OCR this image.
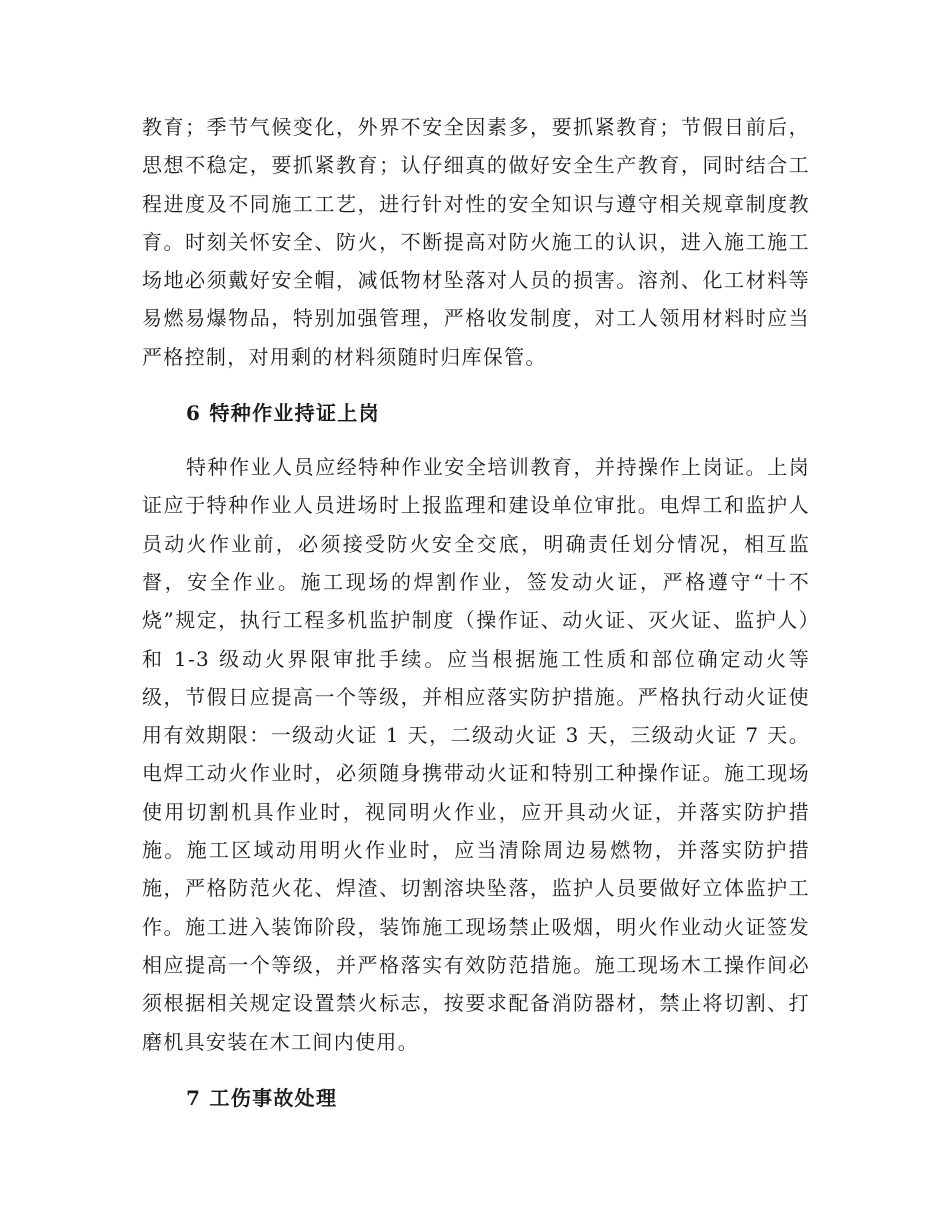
教育；季节气候变化，外界不安全因素多，要抓紧教育；节假日前后，思想不稳定，要抓紧教育；认仔细真的做好安全生产教育，同时结合工程进度及不同施工工艺，进行针对性的安全知识与遵守相关规章制度教育。时刻关怀安全、防火，不断提高对防火施工的认识，进入施工施工场地必须戴好安全帽，减低物材坠落对人员的损害。溶剂、化工材料等易燃易爆物品，特别加强管理，严格收发制度，对工人领用材料时应当严格控制，对用剩的材料须随时归库保管。

6 特种作业持证上岗

特种作业人员应经特种作业安全培训教育，并持操作上岗证。上岗证应于特种作业人员进场时上报监理和建设单位审批。电焊工和监护人员动火作业前，必须接受防火安全交底，明确责任划分情况，相互监督，安全作业。施工现场的焊割作业，签发动火证，严格遵守“十不烧”规定，执行工程多机监护制度（操作证、动火证、灭火证、监护人）和 1-3 级动火界限审批手续。应当根据施工性质和部位确定动火等级，节假日应提高一个等级，并相应落实防护措施。严格执行动火证使用有效期限：一级动火证 1 天，二级动火证 3 天，三级动火证 7 天。电焊工动火作业时，必须随身携带动火证和特别工种操作证。施工现场使用切割机具作业时，视同明火作业，应开具动火证，并落实防护措施。施工区域动用明火作业时，应当清除周边易燃物，并落实防护措施，严格防范火花、焊渣、切割溶块坠落，监护人员要做好立体监护工作。施工进入装饰阶段，装饰施工现场禁止吸烟，明火作业动火证签发相应提高一个等级，并严格落实有效防范措施。施工现场木工操作间必须根据相关规定设置禁火标志，按要求配备消防器材，禁止将切割、打磨机具安装在木工间内使用。

7 工伤事故处理
